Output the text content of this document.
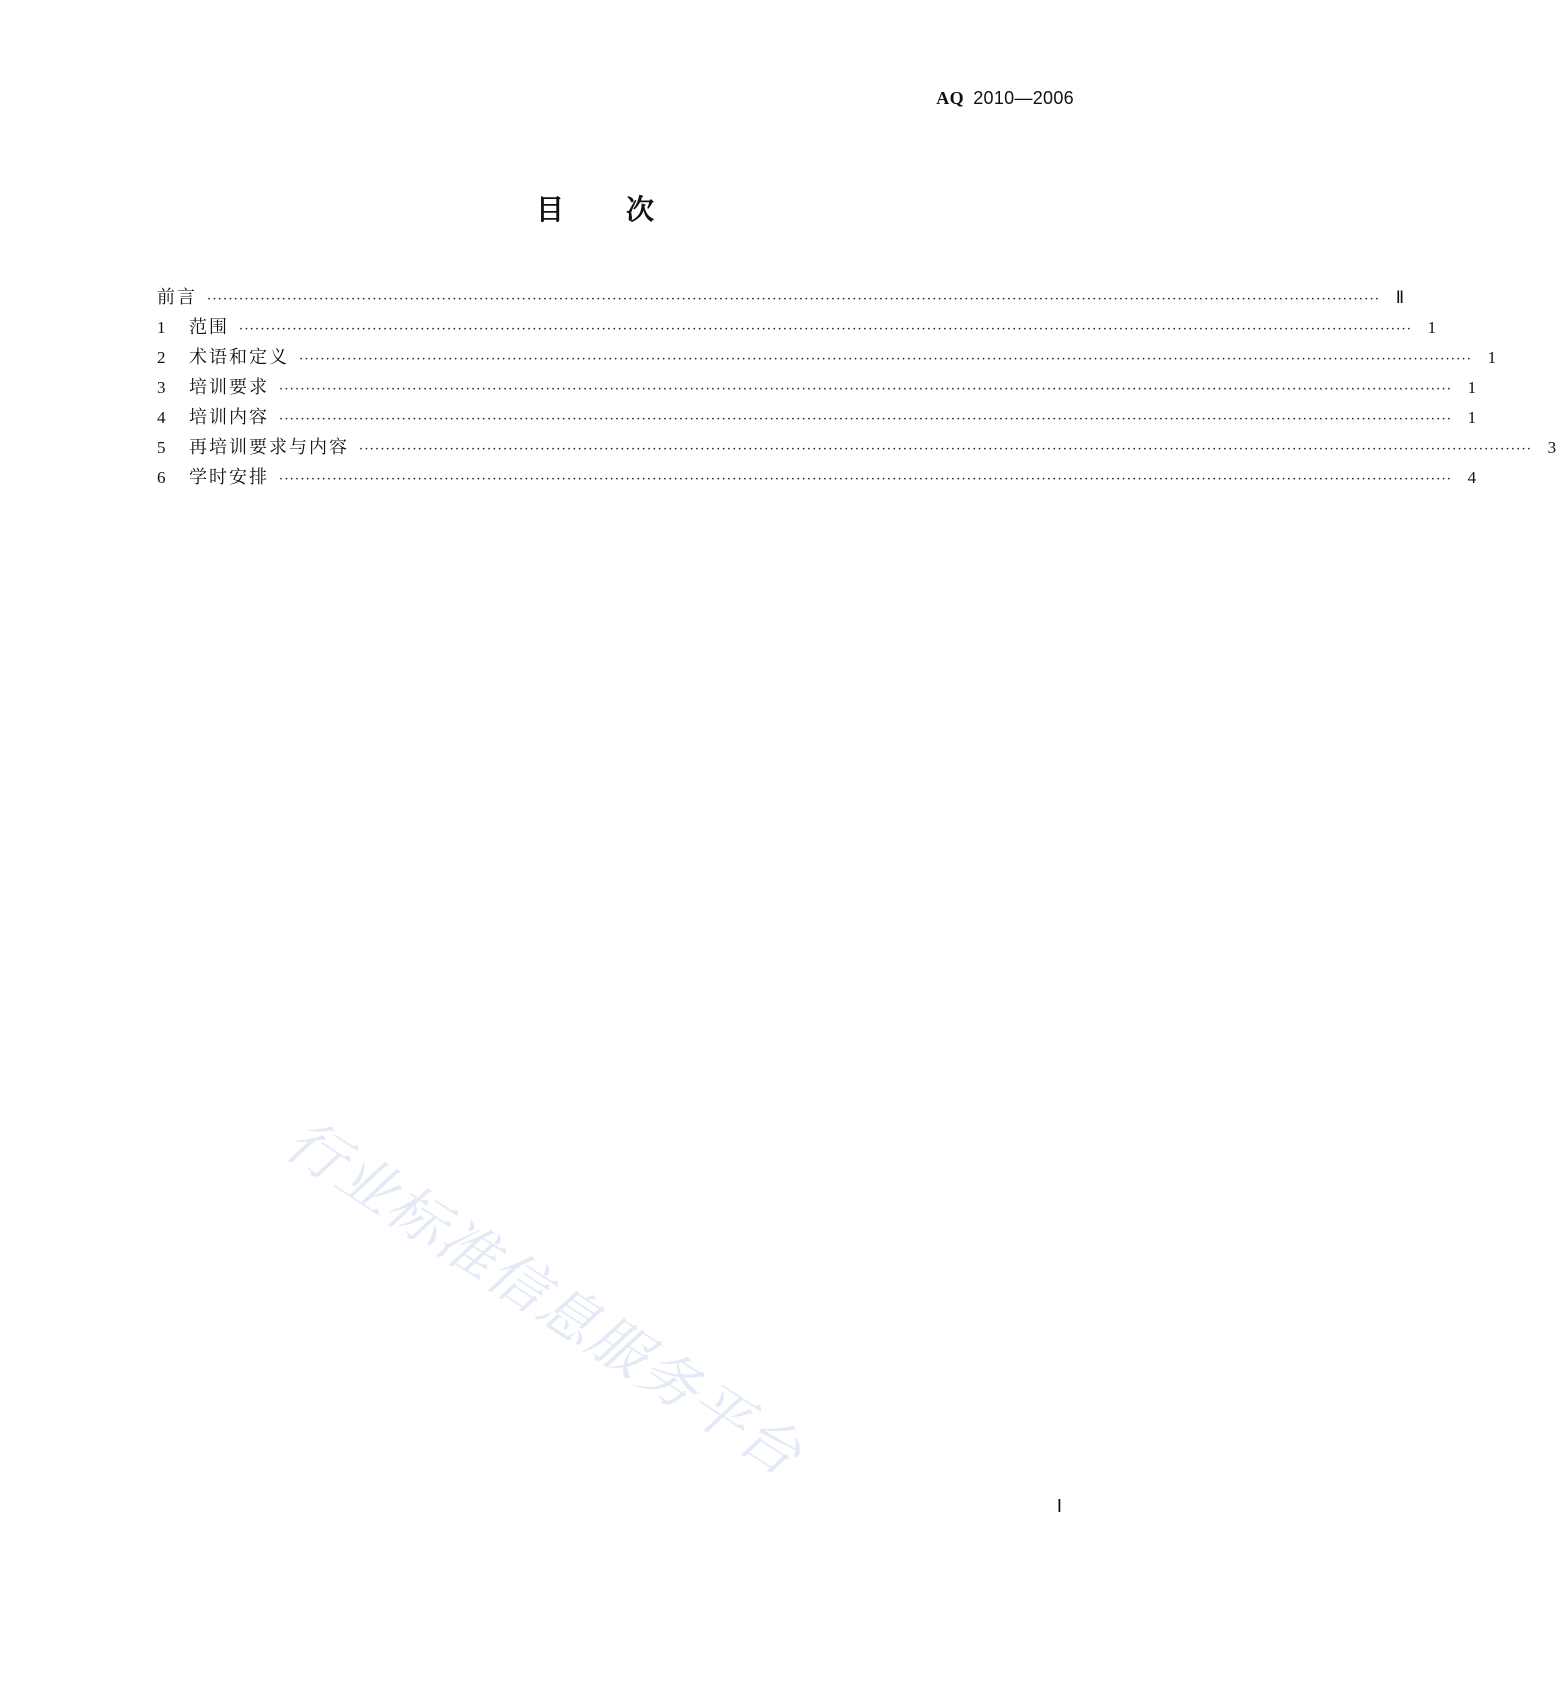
AQ 2010—2006
目次
前言 ···························································································································································································································· Ⅱ
1	范围 ···························································································································································································································· 1
2	术语和定义 ···························································································································································································································· 1
3	培训要求 ···························································································································································································································· 1
4	培训内容 ···························································································································································································································· 1
5	再培训要求与内容 ···························································································································································································································· 3
6	学时安排 ···························································································································································································································· 4
行业标准信息服务平台
Ⅰ
